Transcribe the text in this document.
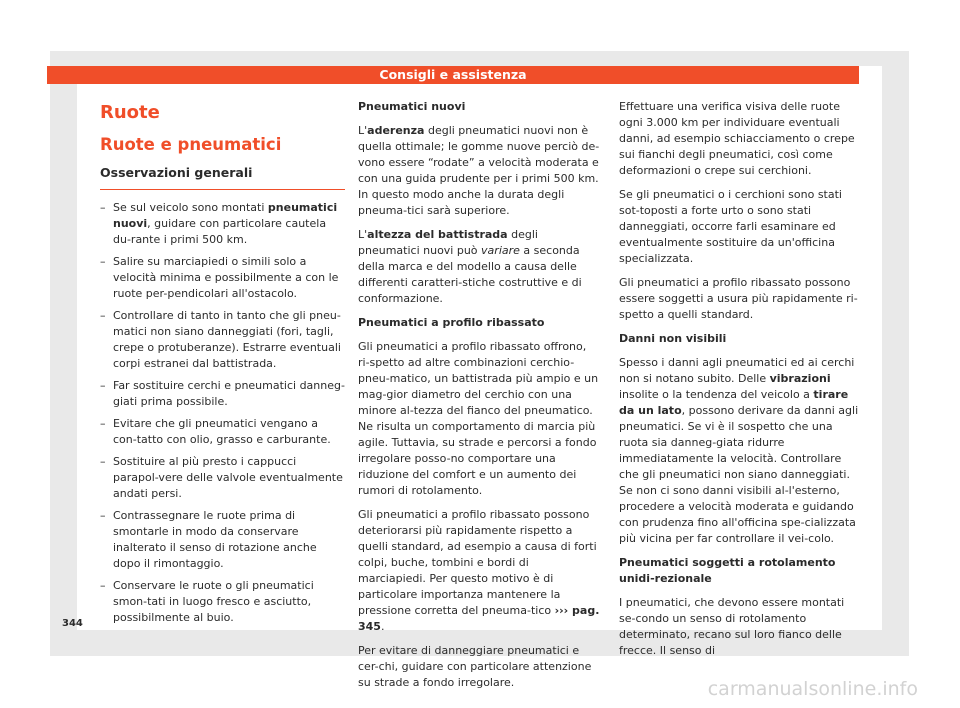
Consigli e assistenza
Ruote
Ruote e pneumatici
Osservazioni generali
– Se sul veicolo sono montati pneumatici nuovi, guidare con particolare cautela du-rante i primi 500 km.
– Salire su marciapiedi o simili solo a velocità minima e possibilmente a con le ruote per-pendicolari all'ostacolo.
– Controllare di tanto in tanto che gli pneu-matici non siano danneggiati (fori, tagli, crepe o protuberanze). Estrarre eventuali corpi estranei dal battistrada.
– Far sostituire cerchi e pneumatici danneg-giati prima possibile.
– Evitare che gli pneumatici vengano a con-tatto con olio, grasso e carburante.
– Sostituire al più presto i cappucci parapol-vere delle valvole eventualmente andati persi.
– Contrassegnare le ruote prima di smontarle in modo da conservare inalterato il senso di rotazione anche dopo il rimontaggio.
– Conservare le ruote o gli pneumatici smon-tati in luogo fresco e asciutto, possibilmente al buio.

Pneumatici nuovi

L'aderenza degli pneumatici nuovi non è quella ottimale; le gomme nuove perciò de-vono essere “rodate” a velocità moderata e con una guida prudente per i primi 500 km. In questo modo anche la durata degli pneuma-tici sarà superiore.

L'altezza del battistrada degli pneumatici nuovi può variare a seconda della marca e del modello a causa delle differenti caratteri-stiche costruttive e di conformazione.

Pneumatici a profilo ribassato

Gli pneumatici a profilo ribassato offrono, ri-spetto ad altre combinazioni cerchio-pneu-matico, un battistrada più ampio e un mag-gior diametro del cerchio con una minore al-tezza del fianco del pneumatico. Ne risulta un comportamento di marcia più agile. Tuttavia, su strade e percorsi a fondo irregolare posso-no comportare una riduzione del comfort e un aumento dei rumori di rotolamento.

Gli pneumatici a profilo ribassato possono deteriorarsi più rapidamente rispetto a quelli standard, ad esempio a causa di forti colpi, buche, tombini e bordi di marciapiedi. Per questo motivo è di particolare importanza mantenere la pressione corretta del pneuma-tico ››› pag. 345.

Per evitare di danneggiare pneumatici e cer-chi, guidare con particolare attenzione su strade a fondo irregolare.

Effettuare una verifica visiva delle ruote ogni 3.000 km per individuare eventuali danni, ad esempio schiacciamento o crepe sui fianchi degli pneumatici, così come deformazioni o crepe sui cerchioni.

Se gli pneumatici o i cerchioni sono stati sot-toposti a forte urto o sono stati danneggiati, occorre farli esaminare ed eventualmente sostituire da un'officina specializzata.

Gli pneumatici a profilo ribassato possono essere soggetti a usura più rapidamente ri-spetto a quelli standard.

Danni non visibili

Spesso i danni agli pneumatici ed ai cerchi non si notano subito. Delle vibrazioni insolite o la tendenza del veicolo a tirare da un lato, possono derivare da danni agli pneumatici. Se vi è il sospetto che una ruota sia danneg-giata ridurre immediatamente la velocità. Controllare che gli pneumatici non siano danneggiati. Se non ci sono danni visibili al-l'esterno, procedere a velocità moderata e guidando con prudenza fino all'officina spe-cializzata più vicina per far controllare il vei-colo.

Pneumatici soggetti a rotolamento unidi-rezionale

I pneumatici, che devono essere montati se-condo un senso di rotolamento determinato, recano sul loro fianco delle frecce. Il senso di

344
carmanualsonline.info
